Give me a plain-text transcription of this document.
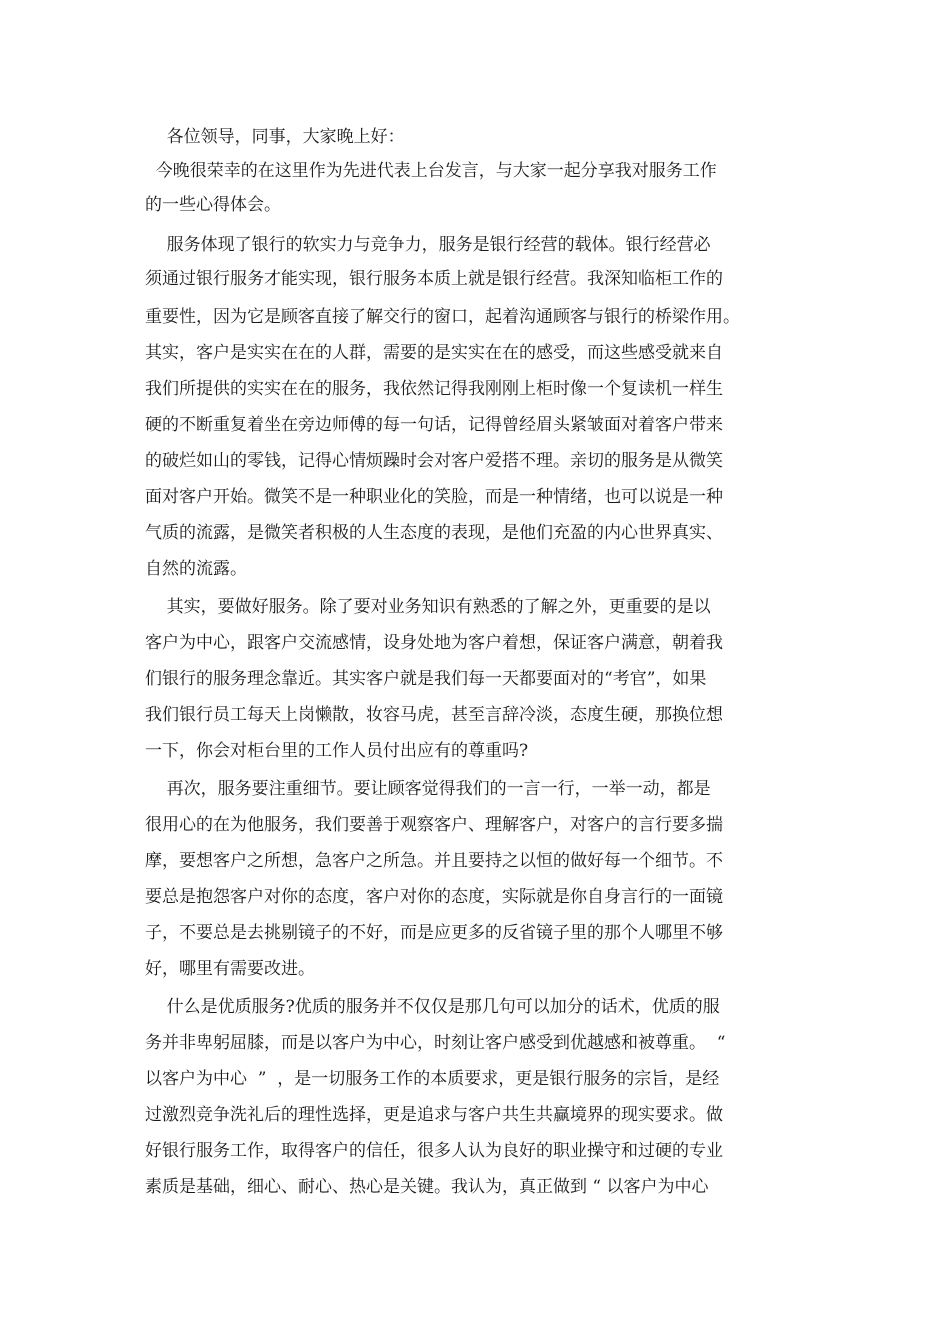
各位领导，同事，大家晚上好：
今晚很荣幸的在这里作为先进代表上台发言，与大家一起分享我对服务工作
的一些心得体会。
服务体现了银行的软实力与竞争力，服务是银行经营的载体。银行经营必
须通过银行服务才能实现，银行服务本质上就是银行经营。我深知临柜工作的
重要性，因为它是顾客直接了解交行的窗口，起着沟通顾客与银行的桥梁作用。
其实，客户是实实在在的人群，需要的是实实在在的感受，而这些感受就来自
我们所提供的实实在在的服务，我依然记得我刚刚上柜时像一个复读机一样生
硬的不断重复着坐在旁边师傅的每一句话，记得曾经眉头紧皱面对着客户带来
的破烂如山的零钱，记得心情烦躁时会对客户爱搭不理。亲切的服务是从微笑
面对客户开始。微笑不是一种职业化的笑脸，而是一种情绪，也可以说是一种
气质的流露，是微笑者积极的人生态度的表现，是他们充盈的内心世界真实、
自然的流露。
其实，要做好服务。除了要对业务知识有熟悉的了解之外，更重要的是以
客户为中心，跟客户交流感情，设身处地为客户着想，保证客户满意，朝着我
们银行的服务理念靠近。其实客户就是我们每一天都要面对的“考官”，如果
我们银行员工每天上岗懒散，妆容马虎，甚至言辞冷淡，态度生硬，那换位想
一下，你会对柜台里的工作人员付出应有的尊重吗?
再次，服务要注重细节。要让顾客觉得我们的一言一行，一举一动，都是
很用心的在为他服务，我们要善于观察客户、理解客户，对客户的言行要多揣
摩，要想客户之所想，急客户之所急。并且要持之以恒的做好每一个细节。不
要总是抱怨客户对你的态度，客户对你的态度，实际就是你自身言行的一面镜
子，不要总是去挑剔镜子的不好，而是应更多的反省镜子里的那个人哪里不够
好，哪里有需要改进。
什么是优质服务?优质的服务并不仅仅是那几句可以加分的话术，优质的服
务并非卑躬屈膝，而是以客户为中心，时刻让客户感受到优越感和被尊重。  “
以客户为中心  ”  ，是一切服务工作的本质要求，更是银行服务的宗旨，是经
过激烈竞争洗礼后的理性选择，更是追求与客户共生共赢境界的现实要求。做
好银行服务工作，取得客户的信任，很多人认为良好的职业操守和过硬的专业
素质是基础，细心、耐心、热心是关键。我认为，真正做到 “ 以客户为中心
